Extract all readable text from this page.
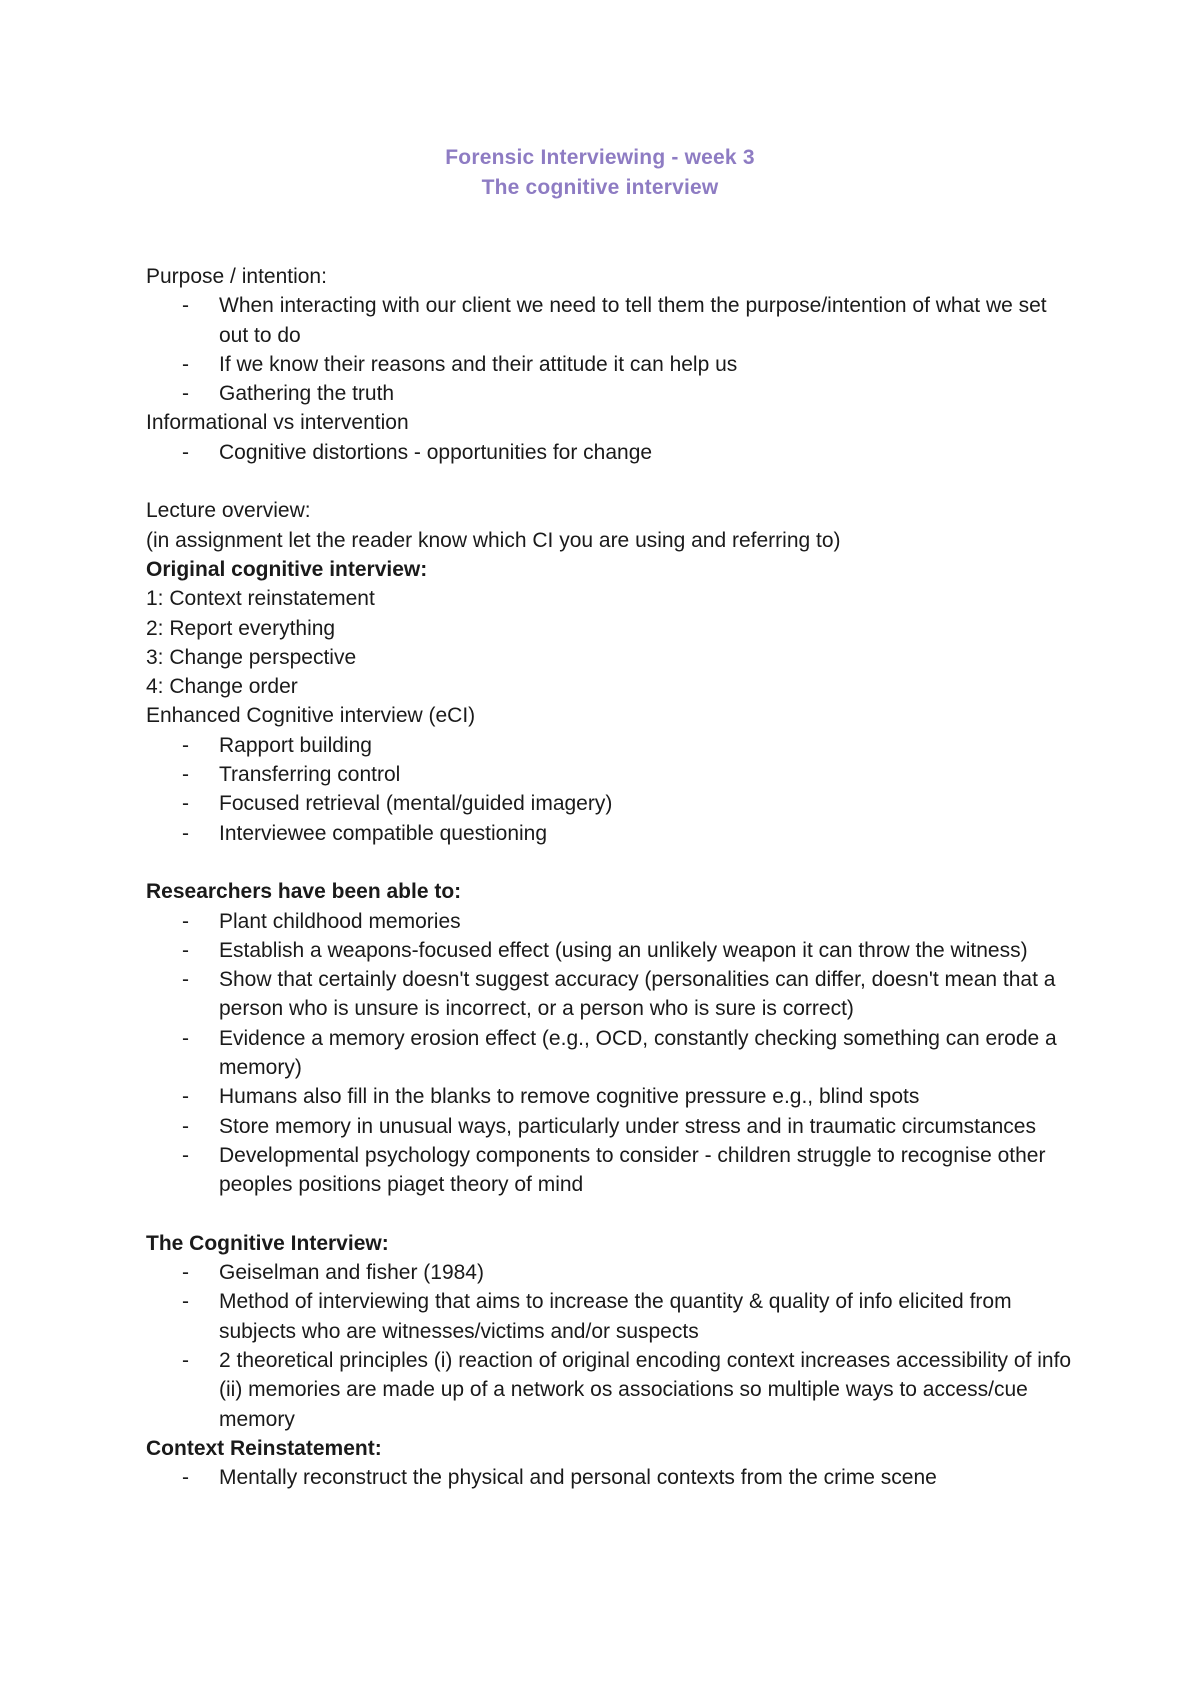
Forensic Interviewing - week 3
The cognitive interview

Purpose / intention:

- When interacting with our client we need to tell them the purpose/intention of what we set out to do
- If we know their reasons and their attitude it can help us
- Gathering the truth

Informational vs intervention

- Cognitive distortions - opportunities for change

Lecture overview:

(in assignment let the reader know which CI you are using and referring to)

Original cognitive interview:

1: Context reinstatement

2: Report everything

3: Change perspective

4: Change order

Enhanced Cognitive interview (eCI)

- Rapport building
- Transferring control
- Focused retrieval (mental/guided imagery)
- Interviewee compatible questioning

Researchers have been able to:

- Plant childhood memories
- Establish a weapons-focused effect (using an unlikely weapon it can throw the witness)
- Show that certainly doesn't suggest accuracy (personalities can differ, doesn't mean that a person who is unsure is incorrect, or a person who is sure is correct)
- Evidence a memory erosion effect (e.g., OCD, constantly checking something can erode a memory)
- Humans also fill in the blanks to remove cognitive pressure e.g., blind spots
- Store memory in unusual ways, particularly under stress and in traumatic circumstances
- Developmental psychology components to consider - children struggle to recognise other peoples positions piaget theory of mind

The Cognitive Interview:

- Geiselman and fisher (1984)
- Method of interviewing that aims to increase the quantity & quality of info elicited from subjects who are witnesses/victims and/or suspects
- 2 theoretical principles (i) reaction of original encoding context increases accessibility of info (ii) memories are made up of a network os associations so multiple ways to access/cue memory

Context Reinstatement:

- Mentally reconstruct the physical and personal contexts from the crime scene
